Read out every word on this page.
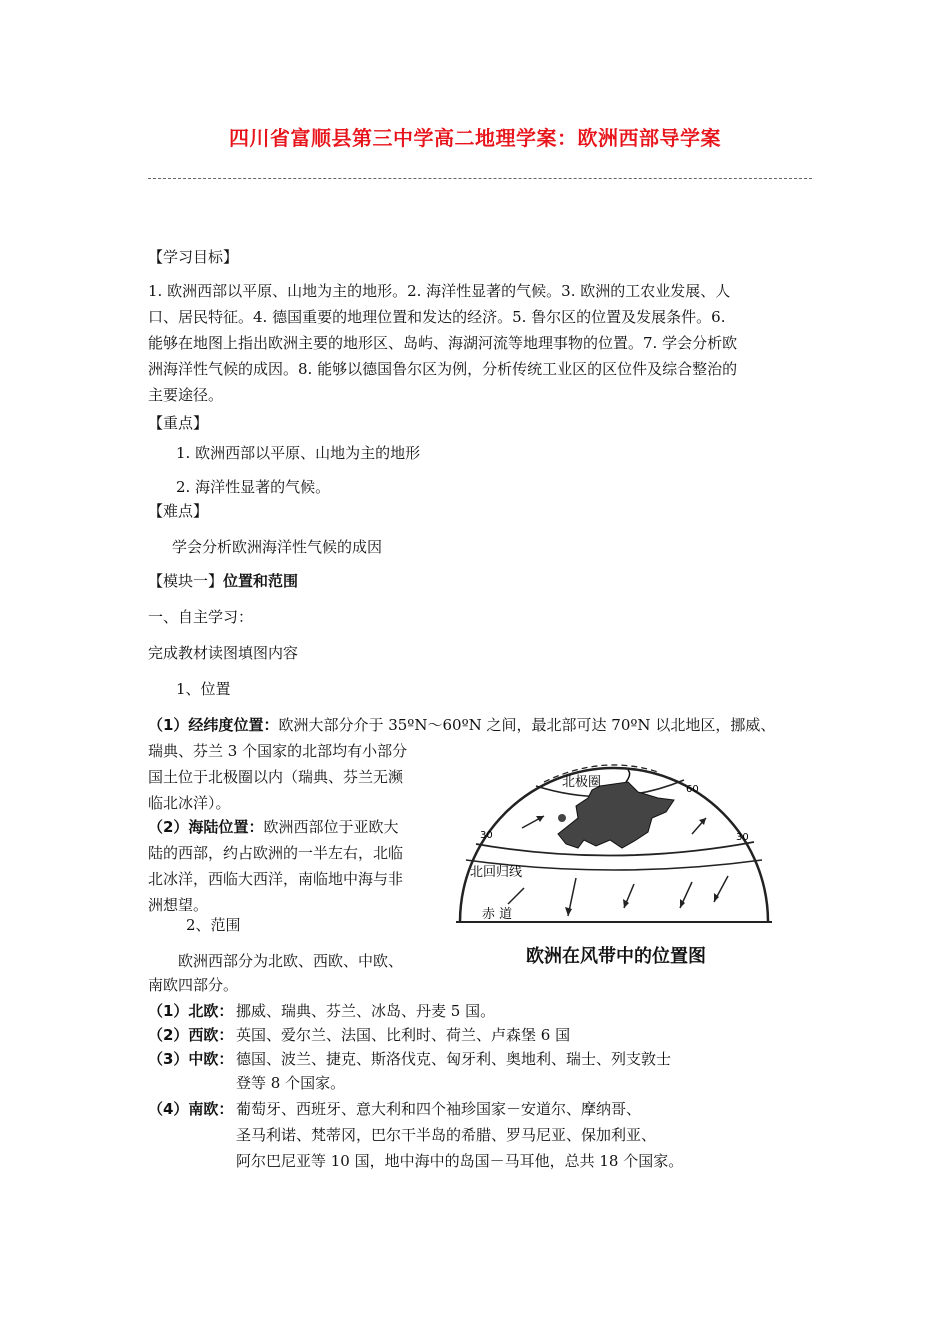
四川省富顺县第三中学高二地理学案：欧洲西部导学案
【学习目标】
1. 欧洲西部以平原、山地为主的地形。2. 海洋性显著的气候。3. 欧洲的工农业发展、人
口、居民特征。4. 德国重要的地理位置和发达的经济。5. 鲁尔区的位置及发展条件。6.
能够在地图上指出欧洲主要的地形区、岛屿、海湖河流等地理事物的位置。7. 学会分析欧
洲海洋性气候的成因。8. 能够以德国鲁尔区为例，分析传统工业区的区位件及综合整治的
主要途径。
【重点】
1. 欧洲西部以平原、山地为主的地形
2. 海洋性显著的气候。
【难点】
学会分析欧洲海洋性气候的成因
【模块一】位置和范围
一、自主学习：
完成教材读图填图内容
1、位置
（1）经纬度位置：欧洲大部分介于 35ºN～60ºN 之间，最北部可达 70ºN 以北地区，挪威、
瑞典、芬兰 3 个国家的北部均有小部分
国土位于北极圈以内（瑞典、芬兰无濒
临北冰洋）。
（2）海陆位置：欧洲西部位于亚欧大
陆的西部，约占欧洲的一半左右，北临
北冰洋，西临大西洋，南临地中海与非
洲想望。
2、范围
欧洲西部分为北欧、西欧、中欧、
南欧四部分。
（1）北欧： 挪威、瑞典、芬兰、冰岛、丹麦 5 国。
（2）西欧： 英国、爱尔兰、法国、比利时、荷兰、卢森堡 6 国
（3）中欧： 德国、波兰、捷克、斯洛伐克、匈牙利、奥地利、瑞士、列支敦士
登等 8 个国家。
（4）南欧： 葡萄牙、西班牙、意大利和四个袖珍国家－安道尔、摩纳哥、
圣马利诺、梵蒂冈，巴尔干半岛的希腊、罗马尼亚、保加利亚、
阿尔巴尼亚等 10 国，地中海中的岛国－马耳他，总共 18 个国家。
北极圈
北回归线
赤 道
60
30	30
欧洲在风带中的位置图
